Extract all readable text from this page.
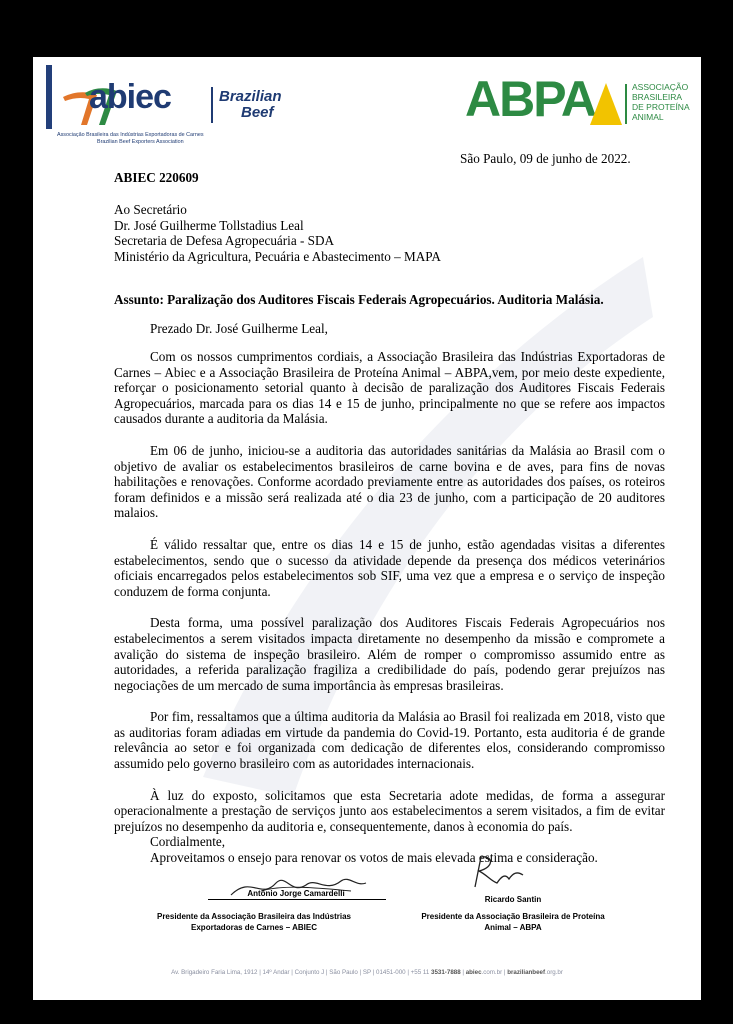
abiec	Brazilian
Beef
Associação Brasileira das Indústrias Exportadoras de Carnes
Brazilian Beef Exporters Association
ABPA	ASSOCIAÇÃO
BRASILEIRA
DE PROTEÍNA
ANIMAL
São Paulo, 09 de junho de 2022.
ABIEC 220609
Ao Secretário
Dr. José Guilherme Tollstadius Leal
Secretaria de Defesa Agropecuária - SDA
Ministério da Agricultura, Pecuária e Abastecimento – MAPA
Assunto: Paralização dos Auditores Fiscais Federais Agropecuários. Auditoria Malásia.
Prezado Dr. José Guilherme Leal,

Com os nossos cumprimentos cordiais, a Associação Brasileira das Indústrias Exportadoras de Carnes – Abiec e a Associação Brasileira de Proteína Animal – ABPA,vem, por meio deste expediente, reforçar o posicionamento setorial quanto à decisão de paralização dos Auditores Fiscais Federais Agropecuários, marcada para os dias 14 e 15 de junho, principalmente no que se refere aos impactos causados durante a auditoria da Malásia.

Em 06 de junho, iniciou-se a auditoria das autoridades sanitárias da Malásia ao Brasil com o objetivo de avaliar os estabelecimentos brasileiros de carne bovina e de aves, para fins de novas habilitações e renovações. Conforme acordado previamente entre as autoridades dos países, os roteiros foram definidos e a missão será realizada até o dia 23 de junho, com a participação de 20 auditores malaios.

É válido ressaltar que, entre os dias 14 e 15 de junho, estão agendadas visitas a diferentes estabelecimentos, sendo que o sucesso da atividade depende da presença dos médicos veterinários oficiais encarregados pelos estabelecimentos sob SIF, uma vez que a empresa e o serviço de inspeção conduzem de forma conjunta.

Desta forma, uma possível paralização dos Auditores Fiscais Federais Agropecuários nos estabelecimentos a serem visitados impacta diretamente no desempenho da missão e compromete a avalição do sistema de inspeção brasileiro. Além de romper o compromisso assumido entre as autoridades, a referida paralização fragiliza a credibilidade do país, podendo gerar prejuízos nas negociações de um mercado de suma importância às empresas brasileiras.

Por fim, ressaltamos que a última auditoria da Malásia ao Brasil foi realizada em 2018, visto que as auditorias foram adiadas em virtude da pandemia do Covid-19. Portanto, esta auditoria é de grande relevância ao setor e foi organizada com dedicação de diferentes elos, considerando compromisso assumido pelo governo brasileiro com as autoridades internacionais.

À luz do exposto, solicitamos que esta Secretaria adote medidas, de forma a assegurar operacionalmente a prestação de serviços junto aos estabelecimentos a serem visitados, a fim de evitar prejuízos no desempenho da auditoria e, consequentemente, danos à economia do país.

Aproveitamos o ensejo para renovar os votos de mais elevada estima e consideração.

Cordialmente,
Antônio Jorge Camardelli
Presidente da Associação Brasileira das Indústrias
Exportadoras de Carnes – ABIEC
Ricardo Santin
Presidente da Associação Brasileira de Proteína
Animal – ABPA
Av. Brigadeiro Faria Lima, 1912 | 14º Andar | Conjunto J | São Paulo | SP | 01451-000 | +55 11 3531-7888 | abiec.com.br | brazilianbeef.org.br
